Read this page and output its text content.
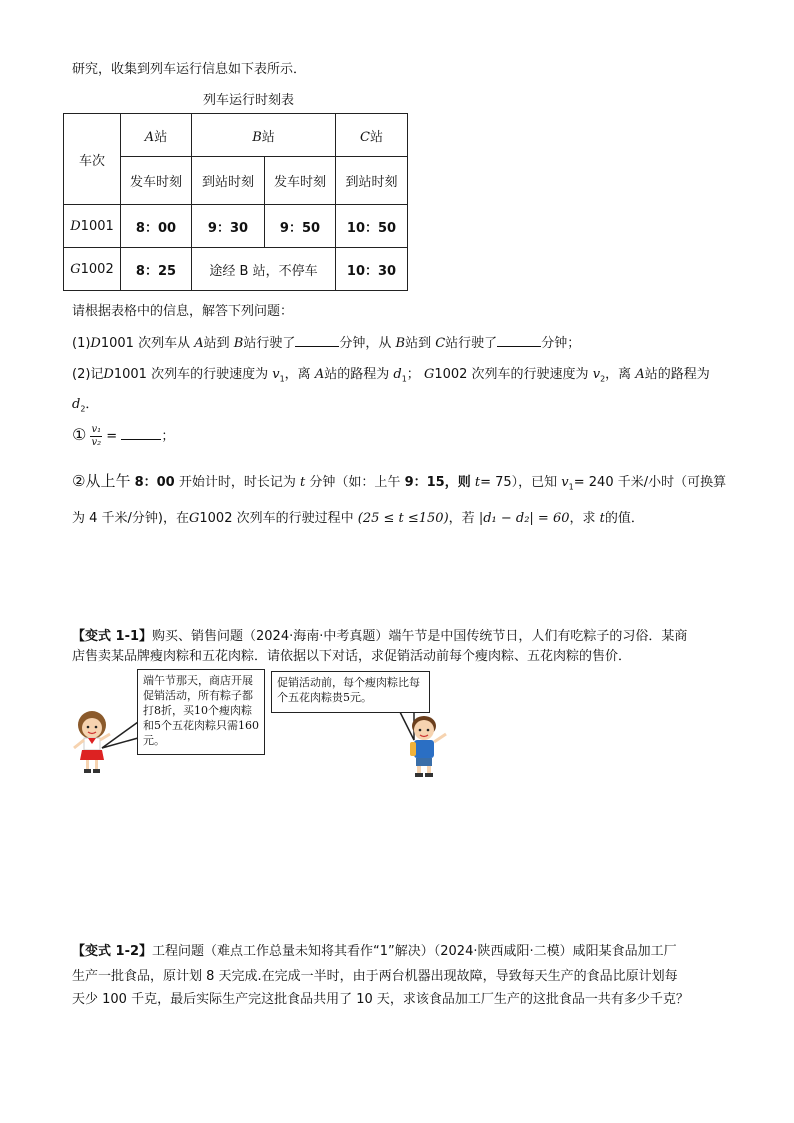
研究，收集到列车运行信息如下表所示．
列车运行时刻表
车次	A站	B站		C站
	发车时刻	到站时刻	发车时刻	到站时刻
D1001	8：00	9：30	9：50	10：50
G1002	8：25	途经 B 站，不停车		10：30
请根据表格中的信息，解答下列问题：
(1)D1001 次列车从 A站到 B站行驶了	分钟，从 B站到 C站行驶了	分钟；
(2)记D1001 次列车的行驶速度为 $v_1$，离 A站的路程为 $d_1$； G1002 次列车的行驶速度为 $v_2$，离 A站的路程为
$d_2$．
① $\frac{\text{v₁}}{\text{v₂}}$ =	；
②从上午 8：00 开始计时，时长记为 t 分钟（如：上午 9：15，则 t= 75），已知 $v_1= 240$ 千米/小时（可换算
为 4 千米/分钟)，在G1002 次列车的行驶过程中 (25 ≤ t ≤150)，若 |d₁ − d₂| = 60，求 t的值．
【变式 1-1】购买、销售问题（2024·海南·中考真题）端午节是中国传统节日，人们有吃粽子的习俗．某商
店售卖某品牌瘦肉粽和五花肉粽．请依据以下对话，求促销活动前每个瘦肉粽、五花肉粽的售价．
端午节那天，商店开展促销活动，所有粽子都打8折，买10个瘦肉粽和5个五花肉粽只需160元。
促销活动前，每个瘦肉粽比每个五花肉粽贵5元。
【变式 1-2】工程问题（难点工作总量未知将其看作“1”解决）（2024·陕西咸阳·二模）咸阳某食品加工厂
生产一批食品，原计划 8 天完成.在完成一半时，由于两台机器出现故障，导致每天生产的食品比原计划每
天少 100 千克，最后实际生产完这批食品共用了 10 天，求该食品加工厂生产的这批食品一共有多少千克？
